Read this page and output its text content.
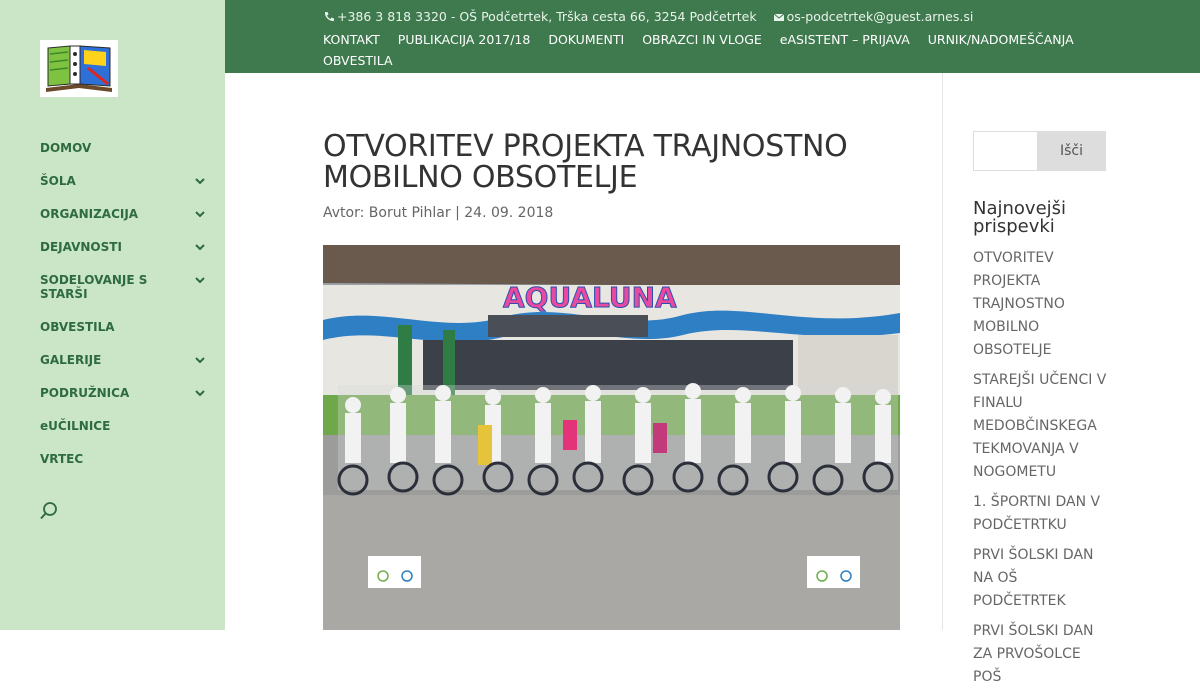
DOMOV
ŠOLA
ORGANIZACIJA
DEJAVNOSTI
SODELOVANJE S STARŠI
OBVESTILA
GALERIJE
PODRUŽNICA
eUČILNICE
VRTEC
+386 3 818 3320 - OŠ Podčetrtek, Trška cesta 66, 3254 Podčetrtek os-podcetrtek@guest.arnes.si
KONTAKT PUBLIKACIJA 2017/18 DOKUMENTI OBRAZCI IN VLOGE eASISTENT – PRIJAVA URNIK/NADOMEŠČANJAOBVESTILA
OTVORITEV PROJEKTA TRAJNOSTNO MOBILNO OBSOTELJE
Avtor: Borut Pihlar | 24. 09. 2018
AQUALUNA
Išči
Najnovejši prispevki
OTVORITEV PROJEKTA TRAJNOSTNO MOBILNO OBSOTELJE
STAREJŠI UČENCI V FINALU MEDOBČINSKEGA TEKMOVANJA V NOGOMETU
1. ŠPORTNI DAN V PODČETRTKU
PRVI ŠOLSKI DAN NA OŠ PODČETRTEK
PRVI ŠOLSKI DAN ZA PRVOŠOLCE POŠ
